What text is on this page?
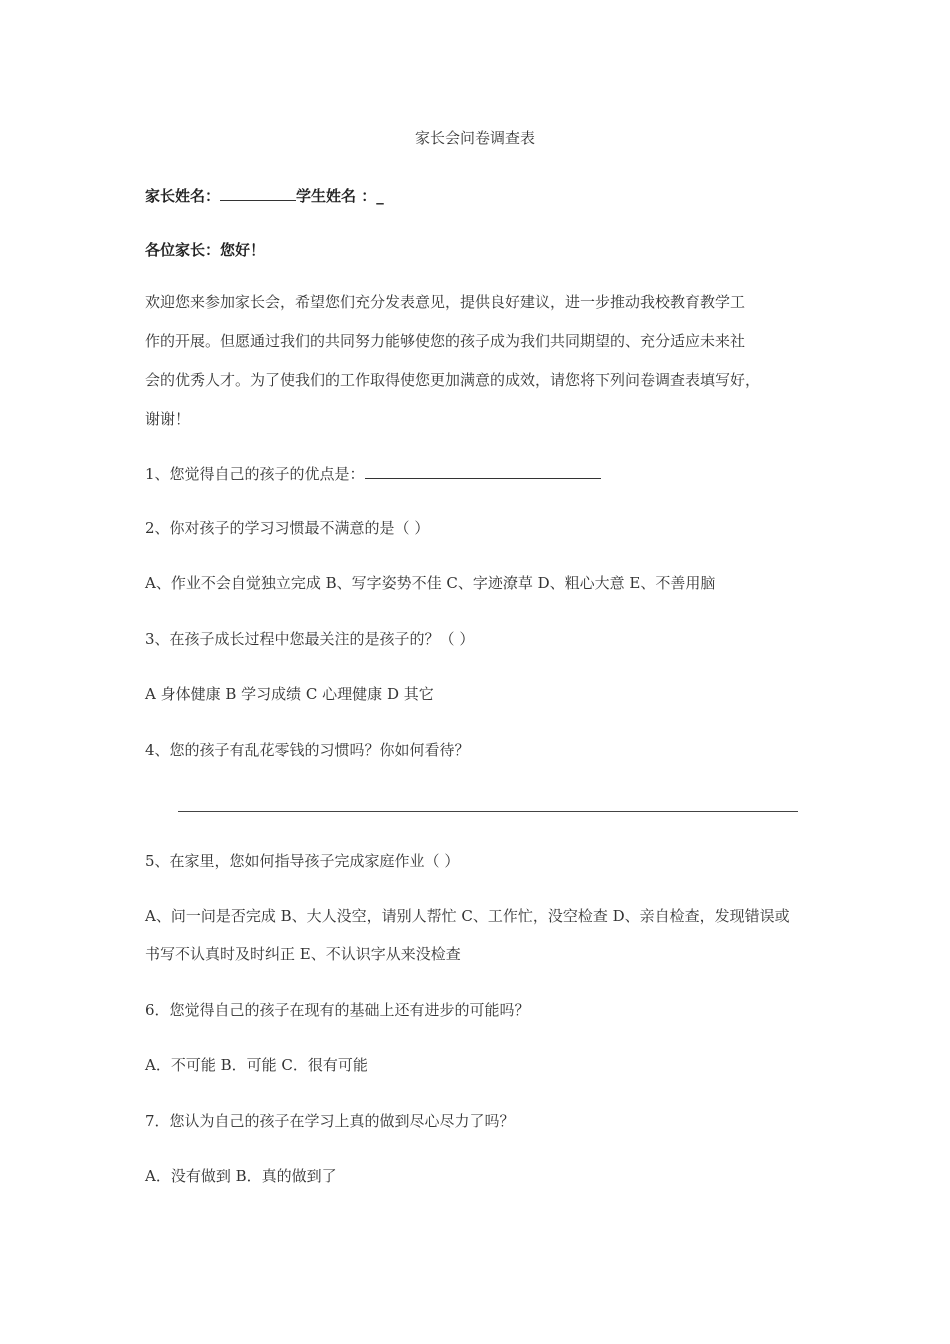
家长会问卷调查表
家长姓名：	学生姓名 ：_
各位家长：您好！
欢迎您来参加家长会，希望您们充分发表意见，提供良好建议，进一步推动我校教育教学工
作的开展。但愿通过我们的共同努力能够使您的孩子成为我们共同期望的、充分适应未来社
会的优秀人才。为了使我们的工作取得使您更加满意的成效，请您将下列问卷调查表填写好，
谢谢！
1、您觉得自己的孩子的优点是：
2、你对孩子的学习习惯最不满意的是（ ）
A、作业不会自觉独立完成 B、写字姿势不佳 C、字迹潦草 D、粗心大意 E、不善用脑
3、在孩子成长过程中您最关注的是孩子的？（ ）
A 身体健康 B 学习成绩 C 心理健康 D 其它
4、您的孩子有乱花零钱的习惯吗？你如何看待？
5、在家里，您如何指导孩子完成家庭作业（ ）
A、问一问是否完成 B、大人没空，请别人帮忙 C、工作忙，没空检查 D、亲自检查，发现错误或
书写不认真时及时纠正 E、不认识字从来没检查
6．您觉得自己的孩子在现有的基础上还有进步的可能吗？
A．不可能 B．可能 C．很有可能
7．您认为自己的孩子在学习上真的做到尽心尽力了吗？
A．没有做到 B．真的做到了
